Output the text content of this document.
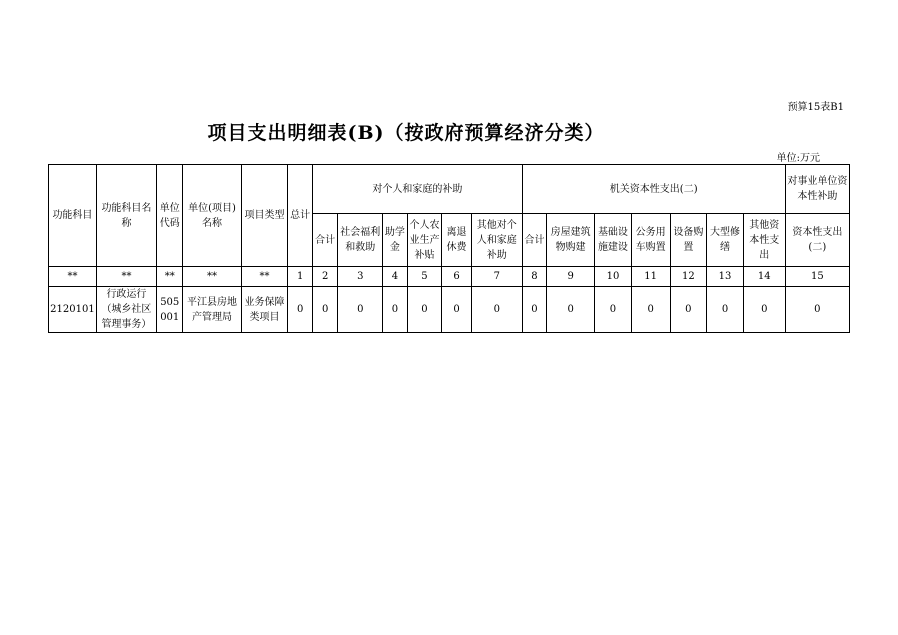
预算15表B1
项目支出明细表(B)（按政府预算经济分类）
单位:万元
功能科目	功能科目名称	单位代码	单位(项目)名称	项目类型	总计	对个人和家庭的补助						机关资本性支出(二)							对事业单位资本性补助
						合计	社会福利和救助	助学金	个人农业生产补贴	离退休费	其他对个人和家庭补助	合计	房屋建筑物购建	基础设施建设	公务用车购置	设备购置	大型修缮	其他资本性支出	资本性支出(二)
**	**	**	**	**	1	2	3	4	5	6	7	8	9	10	11	12	13	14	15
2120101	行政运行（城乡社区管理事务）	505001	平江县房地产管理局	业务保障类项目	0	0	0	0	0	0	0	0	0	0	0	0	0	0	0
